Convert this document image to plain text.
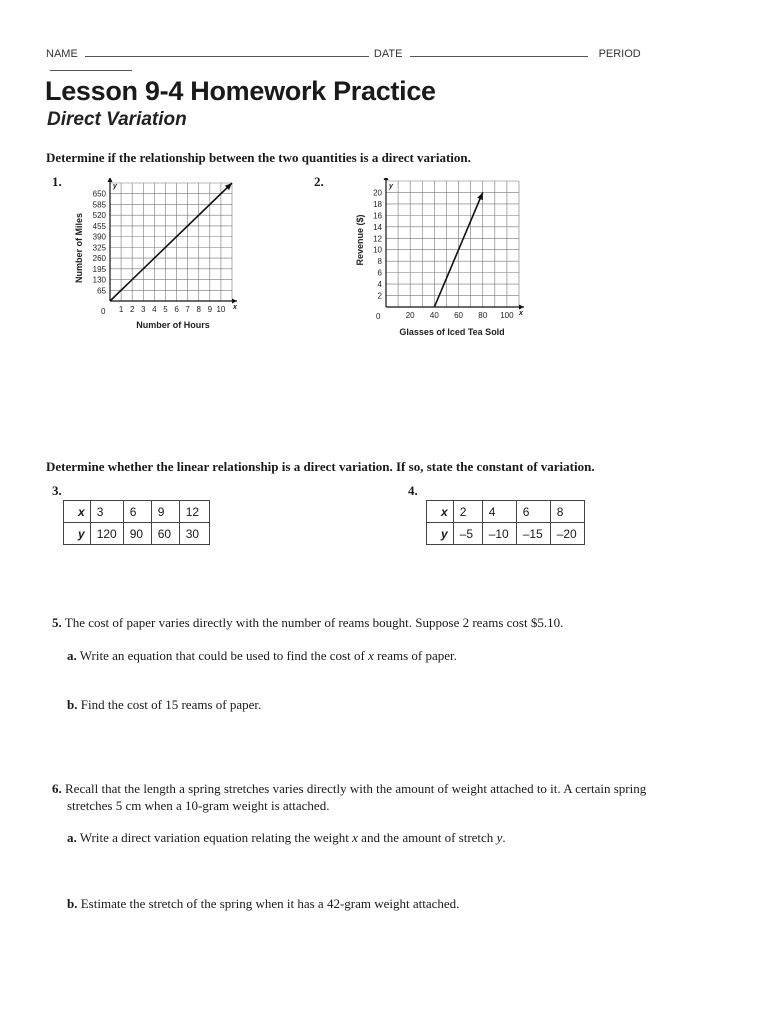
NAME	DATE	PERIOD
Lesson 9-4 Homework Practice
Direct Variation
Determine if the relationship between the two quantities is a direct variation.
1.	2.
1 2 3 4 5 6 7 8 9 10
65
130
195
260
325
390
455
520
585
650
Number of Hours
Number of Miles
y
x
0	20 40 60 80 100
2
4
6
8
10
12
14
16
18
20
Glasses of Iced Tea Sold
Revenue ($)
y
x
0
Determine whether the linear relationship is a direct variation. If so, state the constant of variation.
3.	4.
x	3	6	9	12
y	120	90	60	30
x	2	4	6	8
y	–5	–10	–15	–20
5. The cost of paper varies directly with the number of reams bought. Suppose 2 reams cost $5.10.
a. Write an equation that could be used to find the cost of x reams of paper.
b. Find the cost of 15 reams of paper.
6. Recall that the length a spring stretches varies directly with the amount of weight attached to it. A certain spring
stretches 5 cm when a 10-gram weight is attached.
a. Write a direct variation equation relating the weight x and the amount of stretch y.
b. Estimate the stretch of the spring when it has a 42-gram weight attached.
